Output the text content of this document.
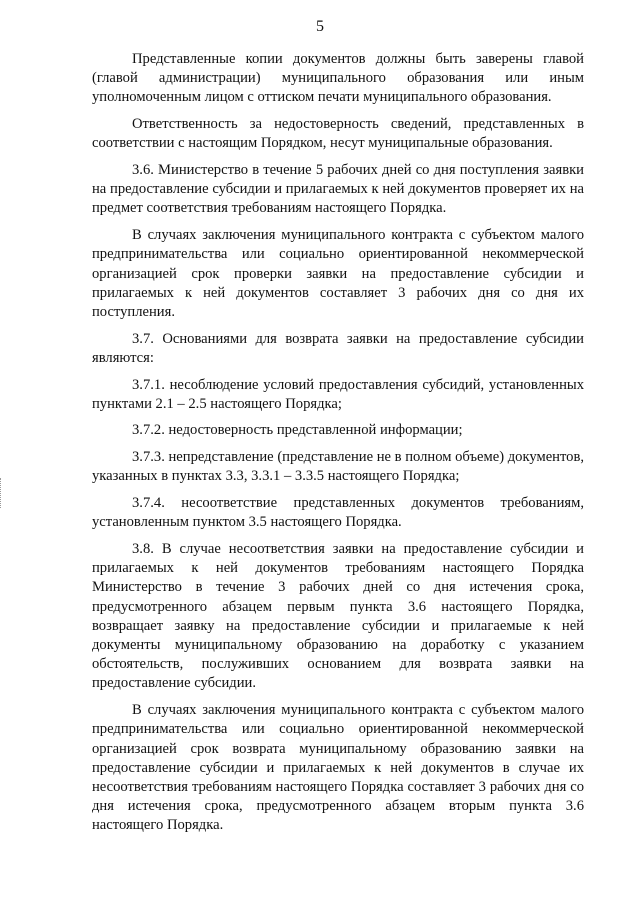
5

Представленные копии документов должны быть заверены главой (главой администрации) муниципального образования или иным уполномоченным лицом с оттиском печати муниципального образования.

Ответственность за недостоверность сведений, представленных в соответствии с настоящим Порядком, несут муниципальные образования.

3.6. Министерство в течение 5 рабочих дней со дня поступления заявки на предоставление субсидии и прилагаемых к ней документов проверяет их на предмет соответствия требованиям настоящего Порядка.

В случаях заключения муниципального контракта с субъектом малого предпринимательства или социально ориентированной некоммерческой организацией срок проверки заявки на предоставление субсидии и прилагаемых к ней документов составляет 3 рабочих дня со дня их поступления.

3.7. Основаниями для возврата заявки на предоставление субсидии являются:

3.7.1. несоблюдение условий предоставления субсидий, установленных пунктами 2.1 – 2.5 настоящего Порядка;

3.7.2. недостоверность представленной информации;

3.7.3. непредставление (представление не в полном объеме) документов, указанных в пунктах 3.3, 3.3.1 – 3.3.5 настоящего Порядка;

3.7.4. несоответствие представленных документов требованиям, установленным пунктом 3.5 настоящего Порядка.

3.8. В случае несоответствия заявки на предоставление субсидии и прилагаемых к ней документов требованиям настоящего Порядка Министерство в течение 3 рабочих дней со дня истечения срока, предусмотренного абзацем первым пункта 3.6 настоящего Порядка, возвращает заявку на предоставление субсидии и прилагаемые к ней документы муниципальному образованию на доработку с указанием обстоятельств, послуживших основанием для возврата заявки на предоставление субсидии.

В случаях заключения муниципального контракта с субъектом малого предпринимательства или социально ориентированной некоммерческой организацией срок возврата муниципальному образованию заявки на предоставление субсидии и прилагаемых к ней документов в случае их несоответствия требованиям настоящего Порядка составляет 3 рабочих дня со дня истечения срока, предусмотренного абзацем вторым пункта 3.6 настоящего Порядка.
